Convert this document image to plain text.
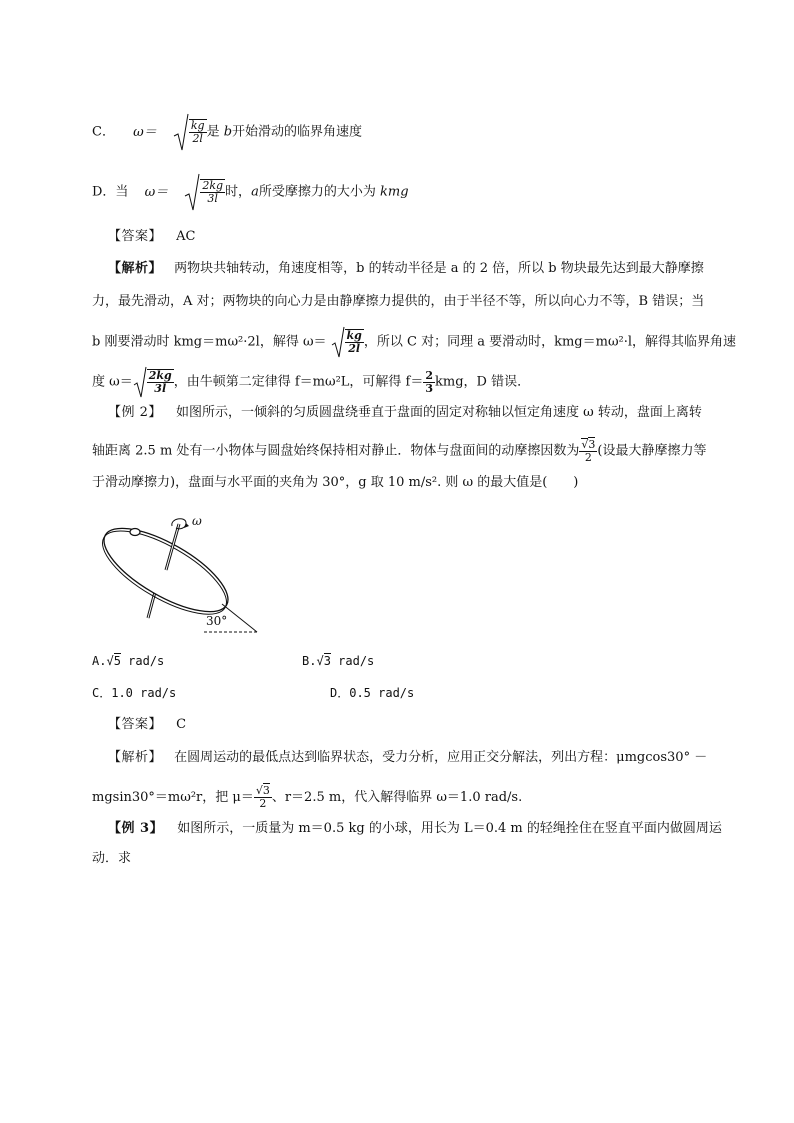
C． ω＝	$\frac{kg}{2l}$ 是 b开始滑动的临界角速度
D．当 ω＝	$\frac{2kg}{3l}$ 时，a所受摩擦力的大小为 kmg
【答案】 AC
【解析】 两物块共轴转动，角速度相等，b 的转动半径是 a 的 2 倍，所以 b 物块最先达到最大静摩擦
力，最先滑动，A 对；两物块的向心力是由静摩擦力提供的，由于半径不等，所以向心力不等，B 错误；当
b 刚要滑动时 kmg＝mω²·2l，解得 $\omega= \frac{kg}{2l}$ ，所以 C 对；同理 a 要滑动时，kmg＝mω²·l，解得其临界角速
度 $\omega= \frac{2kg}{3l}$ ，由牛顿第二定律得 f＝mω²L，可解得 $f= \frac{2}{3}$ kmg，D 错误．
【例 2】 如图所示，一倾斜的匀质圆盘绕垂直于盘面的固定对称轴以恒定角速度 ω 转动，盘面上离转
轴距离 2.5 m 处有一小物体与圆盘始终保持相对静止．物体与盘面间的动摩擦因数为 $\frac{√3}{2}$ (设最大静摩擦力等
于滑动摩擦力)，盘面与水平面的夹角为 30°，g 取 10 m/s². 则 ω 的最大值是(　　)
ω
30°
A.√5 rad/s	B.√3 rad/s
C．1.0 rad/s	D．0.5 rad/s
【答案】 C
【解析】 在圆周运动的最低点达到临界状态，受力分析，应用正交分解法，列出方程：μmgcos30° －
mgsin30°＝mω²r，把 $\mu= \frac{√3}{2}$ 、r＝2.5 m，代入解得临界 ω＝1.0 rad/s.
【例 3】 如图所示，一质量为 m＝0.5 kg 的小球，用长为 L＝0.4 m 的轻绳拴住在竖直平面内做圆周运
动．求
